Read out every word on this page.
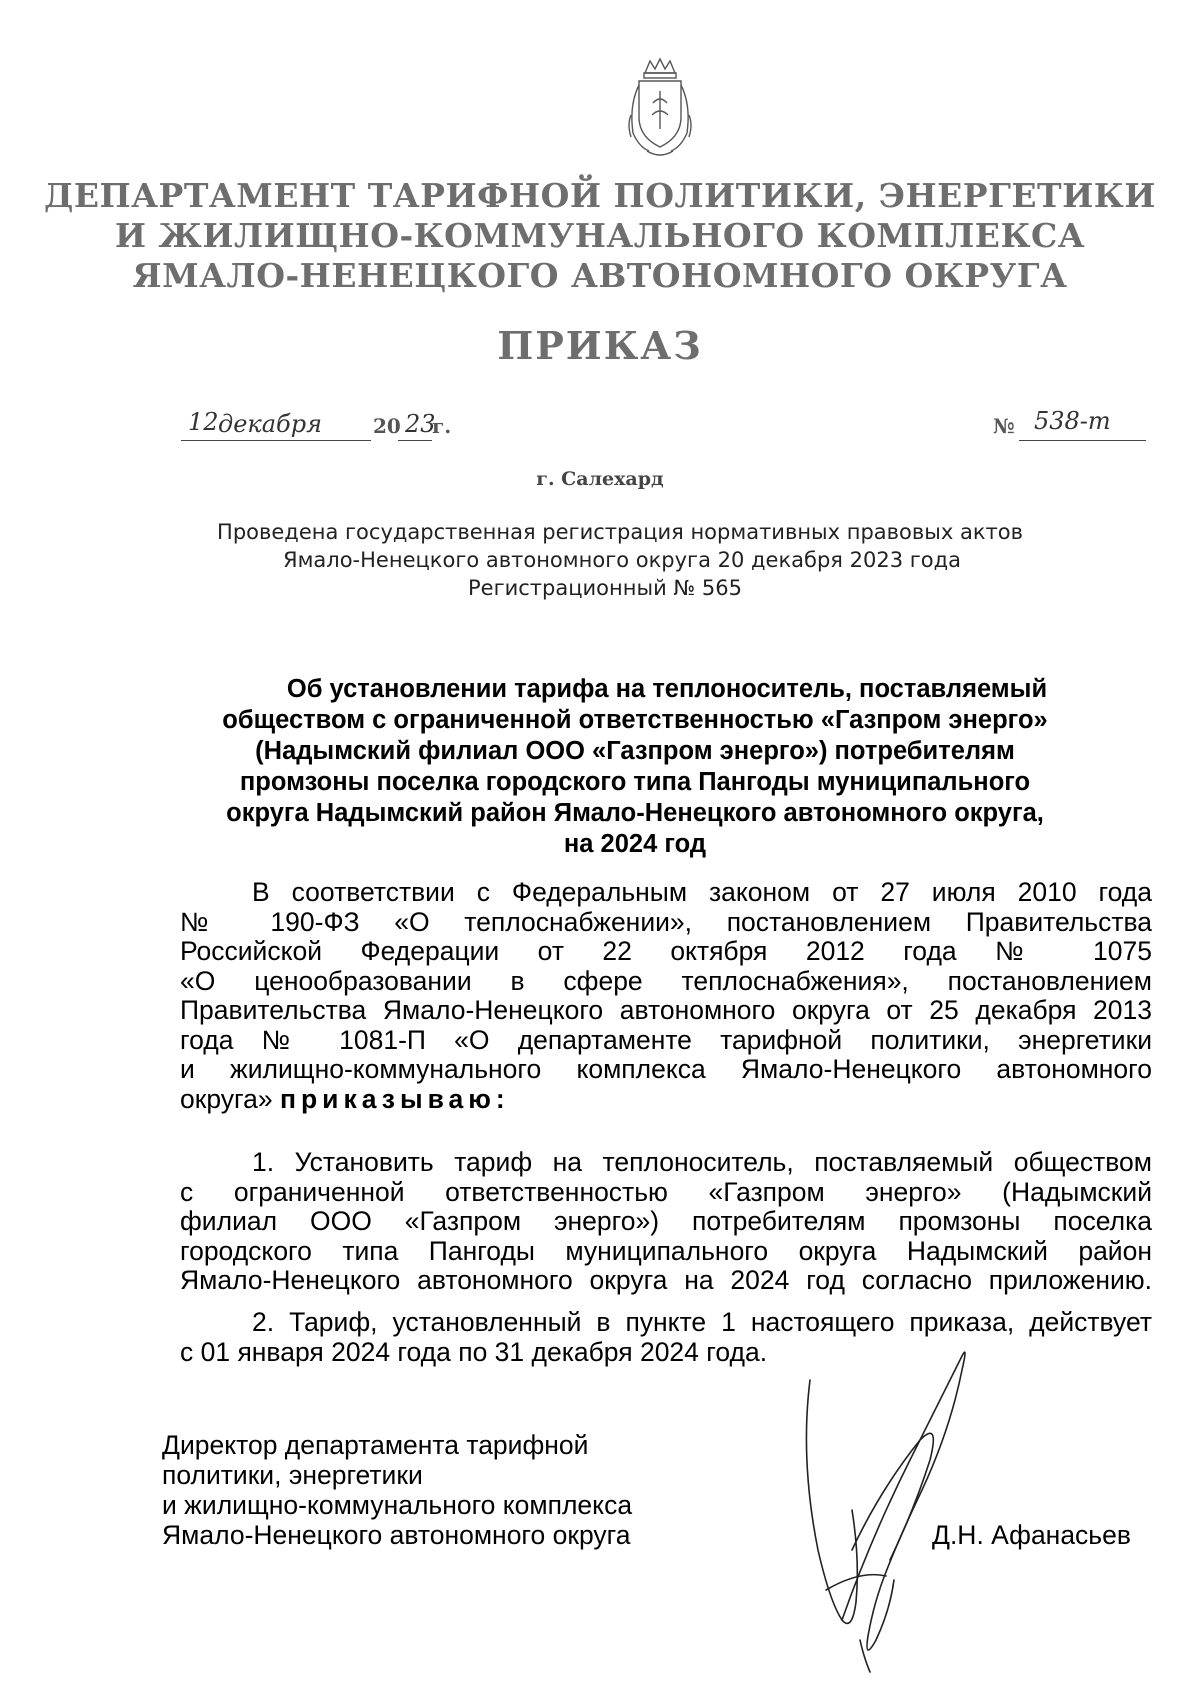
ДЕПАРТАМЕНТ ТАРИФНОЙ ПОЛИТИКИ, ЭНЕРГЕТИКИ
И ЖИЛИЩНО-КОММУНАЛЬНОГО КОМПЛЕКСА
ЯМАЛО-НЕНЕЦКОГО АВТОНОМНОГО ОКРУГА
ПРИКАЗ
12 декабря	20 23
г.	№ 538-т
г. Салехард
Проведена государственная регистрация нормативных правовых актов
Ямало-Ненецкого автономного округа 20 декабря 2023 года
Регистрационный № 565
Об установлении тарифа на теплоноситель, поставляемый
обществом с ограниченной ответственностью «Газпром энерго»
(Надымский филиал ООО «Газпром энерго») потребителям
промзоны поселка городского типа Пангоды муниципального
округа Надымский район Ямало-Ненецкого автономного округа,
на 2024 год
В соответствии с Федеральным законом от 27 июля 2010 года
№ 190-ФЗ «О теплоснабжении», постановлением Правительства
Российской Федерации от 22 октября 2012 года № 1075
«О ценообразовании в сфере теплоснабжения», постановлением
Правительства Ямало-Ненецкого автономного округа от 25 декабря 2013
года № 1081-П «О департаменте тарифной политики, энергетики
и жилищно-коммунального комплекса Ямало-Ненецкого автономного
округа» приказываю:
1. Установить тариф на теплоноситель, поставляемый обществом
с ограниченной ответственностью «Газпром энерго» (Надымский
филиал ООО «Газпром энерго») потребителям промзоны поселка
городского типа Пангоды муниципального округа Надымский район
Ямало-Ненецкого автономного округа на 2024 год согласно приложению.
2. Тариф, установленный в пункте 1 настоящего приказа, действует
с 01 января 2024 года по 31 декабря 2024 года.
Директор департамента тарифной
политики, энергетики
и жилищно-коммунального комплекса
Ямало-Ненецкого автономного округа	Д.Н. Афанасьев
